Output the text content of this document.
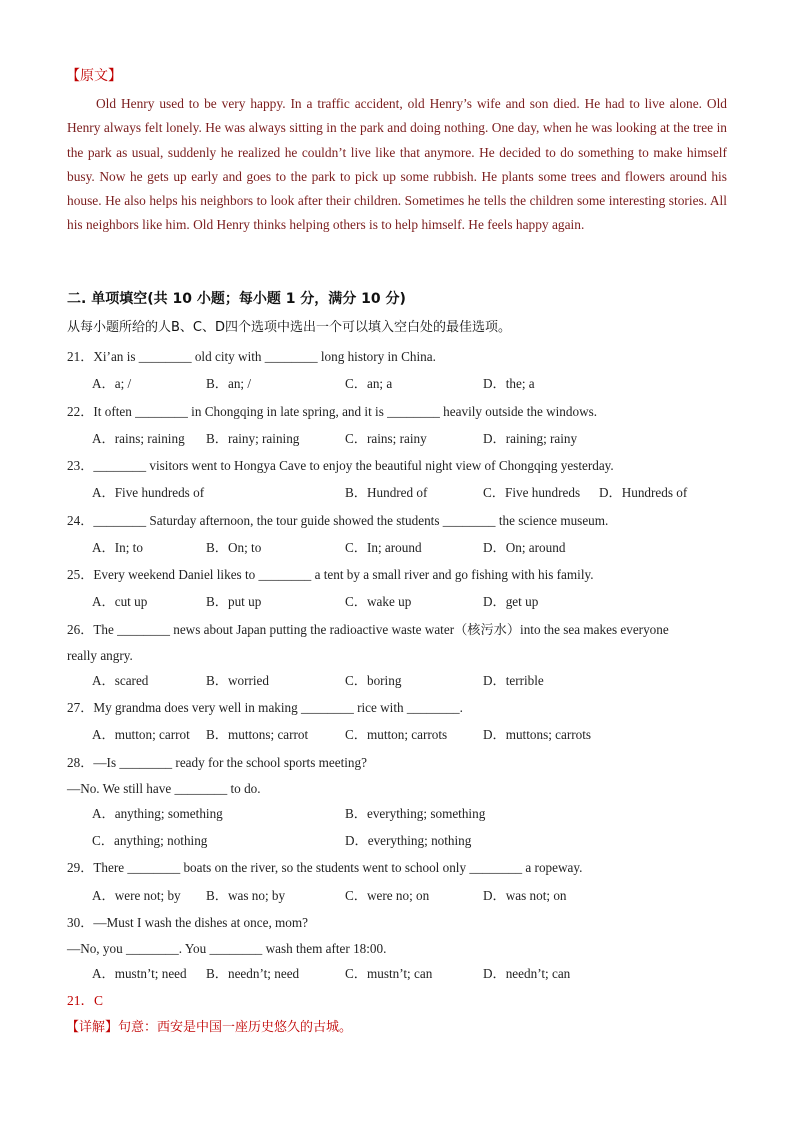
【原文】
Old Henry used to be very happy. In a traffic accident, old Henry’s wife and son died. He had to live alone. Old Henry always felt lonely. He was always sitting in the park and doing nothing. One day, when he was looking at the tree in the park as usual, suddenly he realized he couldn’t live like that anymore. He decided to do something to make himself busy. Now he gets up early and goes to the park to pick up some rubbish. He plants some trees and flowers around his house. He also helps his neighbors to look after their children. Sometimes he tells the children some interesting stories. All his neighbors like him. Old Henry thinks helping others is to help himself. He feels happy again.
二. 单项填空(共 10 小题；每小题 1 分，满分 10 分)
从每小题所给的人B、C、D四个选项中选出一个可以填入空白处的最佳选项。
21．Xi’an is ________ old city with ________ long history in China.
A．a; /	B．an; /	C．an; a	D．the; a
22．It often ________ in Chongqing in late spring, and it is ________ heavily outside the windows.
A．rains; raining B．rainy; raining	C．rains; rainy	D．raining; rainy
23．________ visitors went to Hongya Cave to enjoy the beautiful night view of Chongqing yesterday.
A．Five hundreds of	B．Hundred of	C．Five hundreds D．Hundreds of
24．________ Saturday afternoon, the tour guide showed the students ________ the science museum.
A．In; to	B．On; to	C．In; around	D．On; around
25．Every weekend Daniel likes to ________ a tent by a small river and go fishing with his family.
A．cut up	B．put up	C．wake up	D．get up
26．The ________ news about Japan putting the radioactive waste water（核污水）into the sea makes everyone
really angry.
A．scared	B．worried	C．boring	D．terrible
27．My grandma does very well in making ________ rice with ________.
A．mutton; carrot B．muttons; carrot	C．mutton; carrots	D．muttons; carrots
28．—Is ________ ready for the school sports meeting?
—No. We still have ________ to do.
A．anything; something	B．everything; something
C．anything; nothing	D．everything; nothing
29．There ________ boats on the river, so the students went to school only ________ a ropeway.
A．were not; by B．was no; by	C．were no; on	D．was not; on
30．—Must I wash the dishes at once, mom?
—No, you ________. You ________ wash them after 18:00.
A．mustn’t; need B．needn’t; need	C．mustn’t; can	D．needn’t; can
21．C
【详解】句意：西安是中国一座历史悠久的古城。
